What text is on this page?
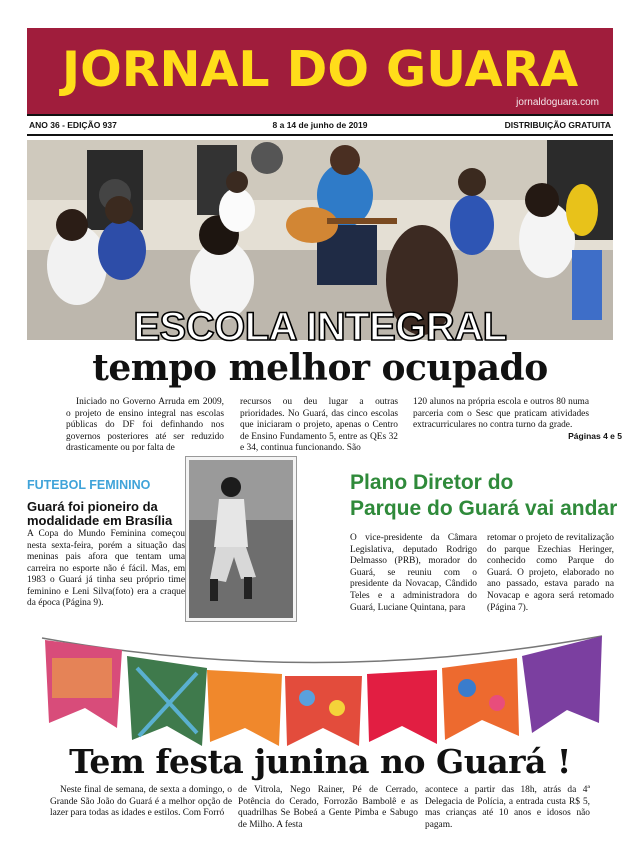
JORNAL DO GUARA
jornaldoguara.com
ANO 36 - EDIÇÃO 937	8 a 14 de junho de 2019	DISTRIBUIÇÃO GRATUITA
ESCOLA INTEGRAL
tempo melhor ocupado
Iniciado no Governo Arruda em 2009, o projeto de ensino integral nas escolas públicas do DF foi definhando nos governos posteriores até ser reduzido drasticamente ou por falta de
recursos ou deu lugar a outras prioridades. No Guará, das cinco escolas que iniciaram o projeto, apenas o Centro de Ensino Fundamento 5, entre as QEs 32 e 34, continua funcionando. São
120 alunos na própria escola e outros 80 numa parceria com o Sesc que praticam atividades extracurriculares no contra turno da grade.
Páginas 4 e 5
FUTEBOL FEMININO
Guará foi pioneiro da modalidade em Brasília
A Copa do Mundo Feminina começou nesta sexta-feira, porém a situação das meninas pais afora que tentam uma carreira no esporte não é fácil. Mas, em 1983 o Guará já tinha seu próprio time feminino e Leni Silva(foto) era a craque da época (Página 9).
Plano Diretor do
Parque do Guará vai andar
O vice-presidente da Câmara Legislativa, deputado Rodrigo Delmasso (PRB), morador do Guará, se reuniu com o presidente da Novacap, Cândido Teles e a administradora do Guará, Luciane Quintana, para
retomar o projeto de revitalização do parque Ezechias Heringer, conhecido como Parque do Guará. O projeto, elaborado no ano passado, estava parado na Novacap e agora será retomado (Página 7).
Tem festa junina no Guará !
Neste final de semana, de sexta a domingo, o Grande São João do Guará é a melhor opção de lazer para todas as idades e estilos. Com Forró
de Vitrola, Nego Rainer, Pé de Cerrado, Potência do Cerado, Forrozão Bambolê e as quadrilhas Se Bobeá a Gente Pimba e Sabugo de Milho. A festa
acontece a partir das 18h, atrás da 4ª Delegacia de Polícia, a entrada custa R$ 5, mas crianças até 10 anos e idosos não pagam.
